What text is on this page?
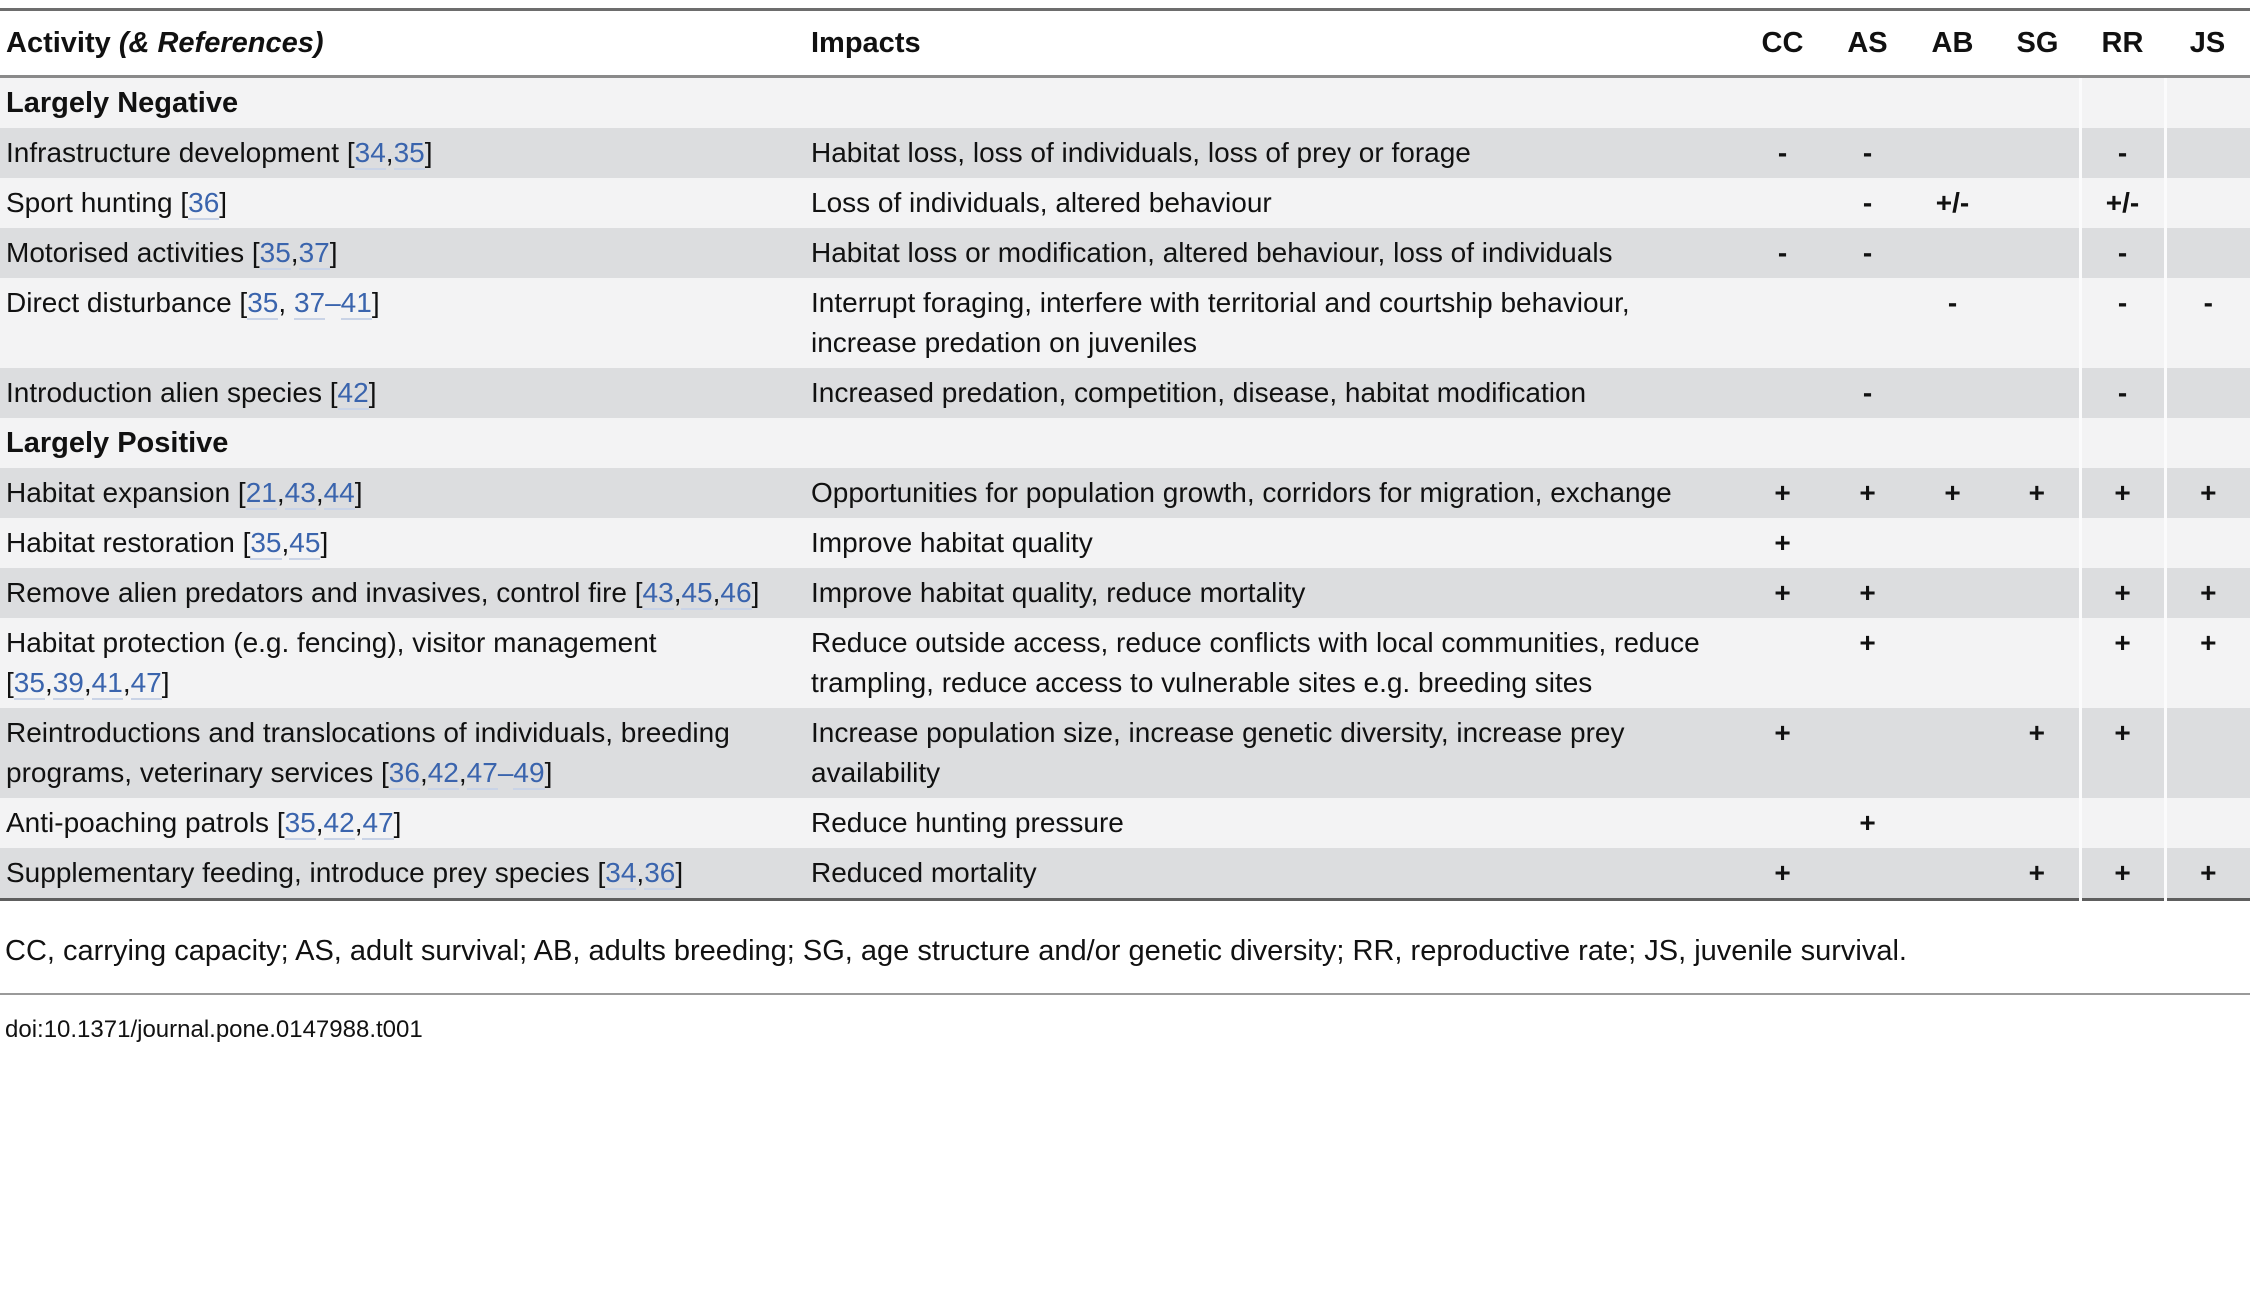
Activity (& References)	Impacts	CC	AS	AB	SG	RR	JS
Largely Negative							
Infrastructure development [34,35]	Habitat loss, loss of individuals, loss of prey or forage	-	-			-	
Sport hunting [36]	Loss of individuals, altered behaviour		-	+/-		+/-	
Motorised activities [35,37]	Habitat loss or modification, altered behaviour, loss of individuals	-	-			-	
Direct disturbance [35, 37–41]	Interrupt foraging, interfere with territorial and courtship behaviour, increase predation on juveniles			-		-	-
Introduction alien species [42]	Increased predation, competition, disease, habitat modification		-			-	
Largely Positive							
Habitat expansion [21,43,44]	Opportunities for population growth, corridors for migration, exchange	+	+	+	+	+	+
Habitat restoration [35,45]	Improve habitat quality	+					
Remove alien predators and invasives, control fire [43,45,46]	Improve habitat quality, reduce mortality	+	+			+	+
Habitat protection (e.g. fencing), visitor management [35,39,41,47]	Reduce outside access, reduce conflicts with local communities, reduce trampling, reduce access to vulnerable sites e.g. breeding sites		+			+	+
Reintroductions and translocations of individuals, breeding programs, veterinary services [36,42,47–49]	Increase population size, increase genetic diversity, increase prey availability	+			+	+	
Anti-poaching patrols [35,42,47]	Reduce hunting pressure		+				
Supplementary feeding, introduce prey species [34,36]	Reduced mortality	+			+	+	+

CC, carrying capacity; AS, adult survival; AB, adults breeding; SG, age structure and/or genetic diversity; RR, reproductive rate; JS, juvenile survival.

doi:10.1371/journal.pone.0147988.t001
